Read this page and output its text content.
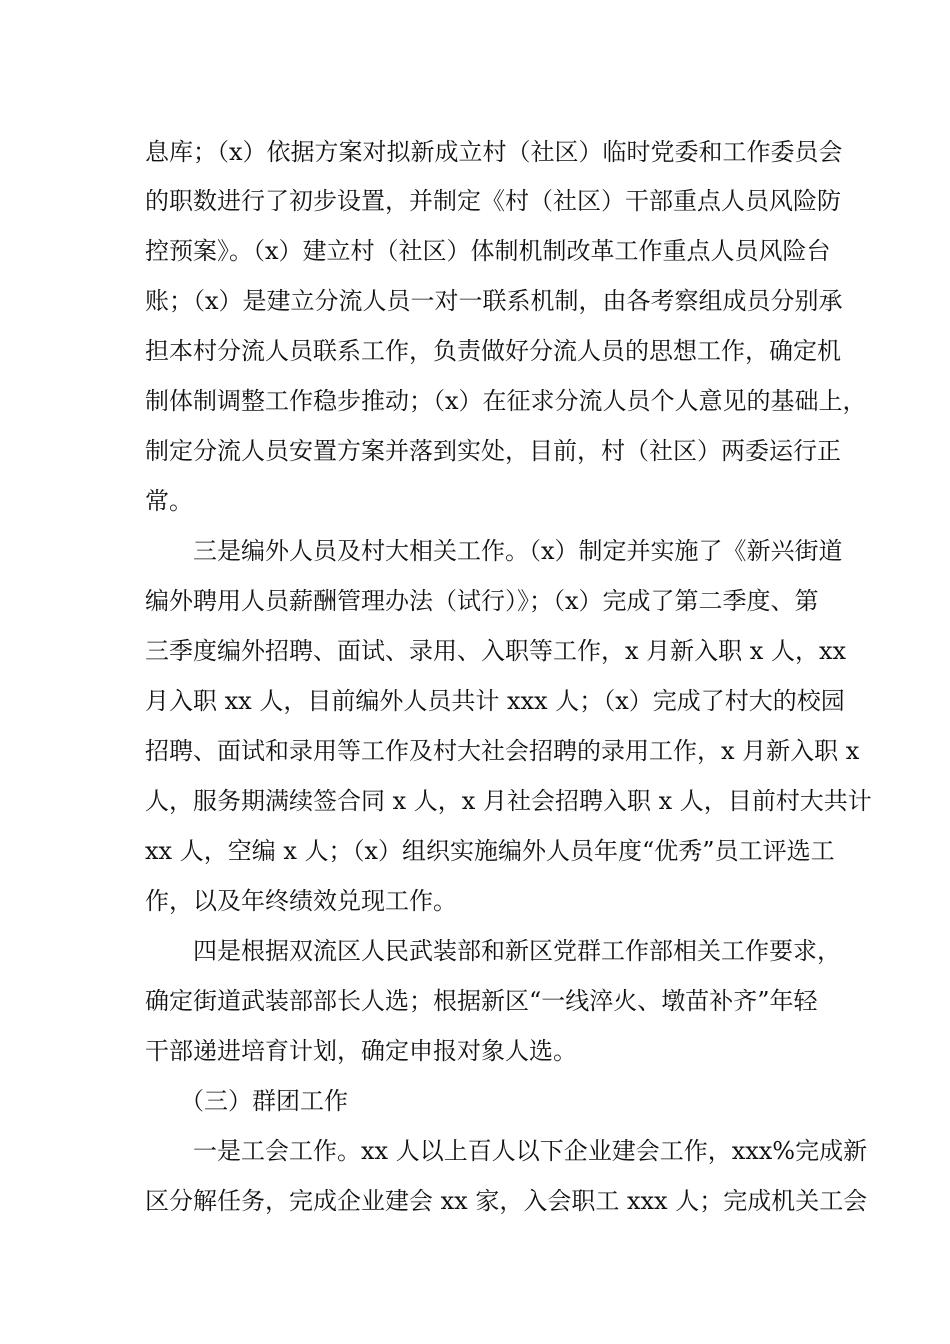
息库；（x）依据方案对拟新成立村（社区）临时党委和工作委员会
的职数进行了初步设置，并制定《村（社区）干部重点人员风险防
控预案》。（x）建立村（社区）体制机制改革工作重点人员风险台
账；（x）是建立分流人员一对一联系机制，由各考察组成员分别承
担本村分流人员联系工作，负责做好分流人员的思想工作，确定机
制体制调整工作稳步推动；（x）在征求分流人员个人意见的基础上，
制定分流人员安置方案并落到实处，目前，村（社区）两委运行正
常。
三是编外人员及村大相关工作。（x）制定并实施了《新兴街道
编外聘用人员薪酬管理办法（试行）》；（x）完成了第二季度、第
三季度编外招聘、面试、录用、入职等工作，x 月新入职 x 人，xx
月入职 xx 人，目前编外人员共计 xxx 人；（x）完成了村大的校园
招聘、面试和录用等工作及村大社会招聘的录用工作，x 月新入职 x
人，服务期满续签合同 x 人，x 月社会招聘入职 x 人，目前村大共计
xx 人，空编 x 人；（x）组织实施编外人员年度“优秀”员工评选工
作，以及年终绩效兑现工作。
四是根据双流区人民武装部和新区党群工作部相关工作要求，
确定街道武装部部长人选；根据新区“一线淬火、墩苗补齐”年轻
干部递进培育计划，确定申报对象人选。
（三）群团工作
一是工会工作。xx 人以上百人以下企业建会工作，xxx%完成新
区分解任务，完成企业建会 xx 家，入会职工 xxx 人；完成机关工会
